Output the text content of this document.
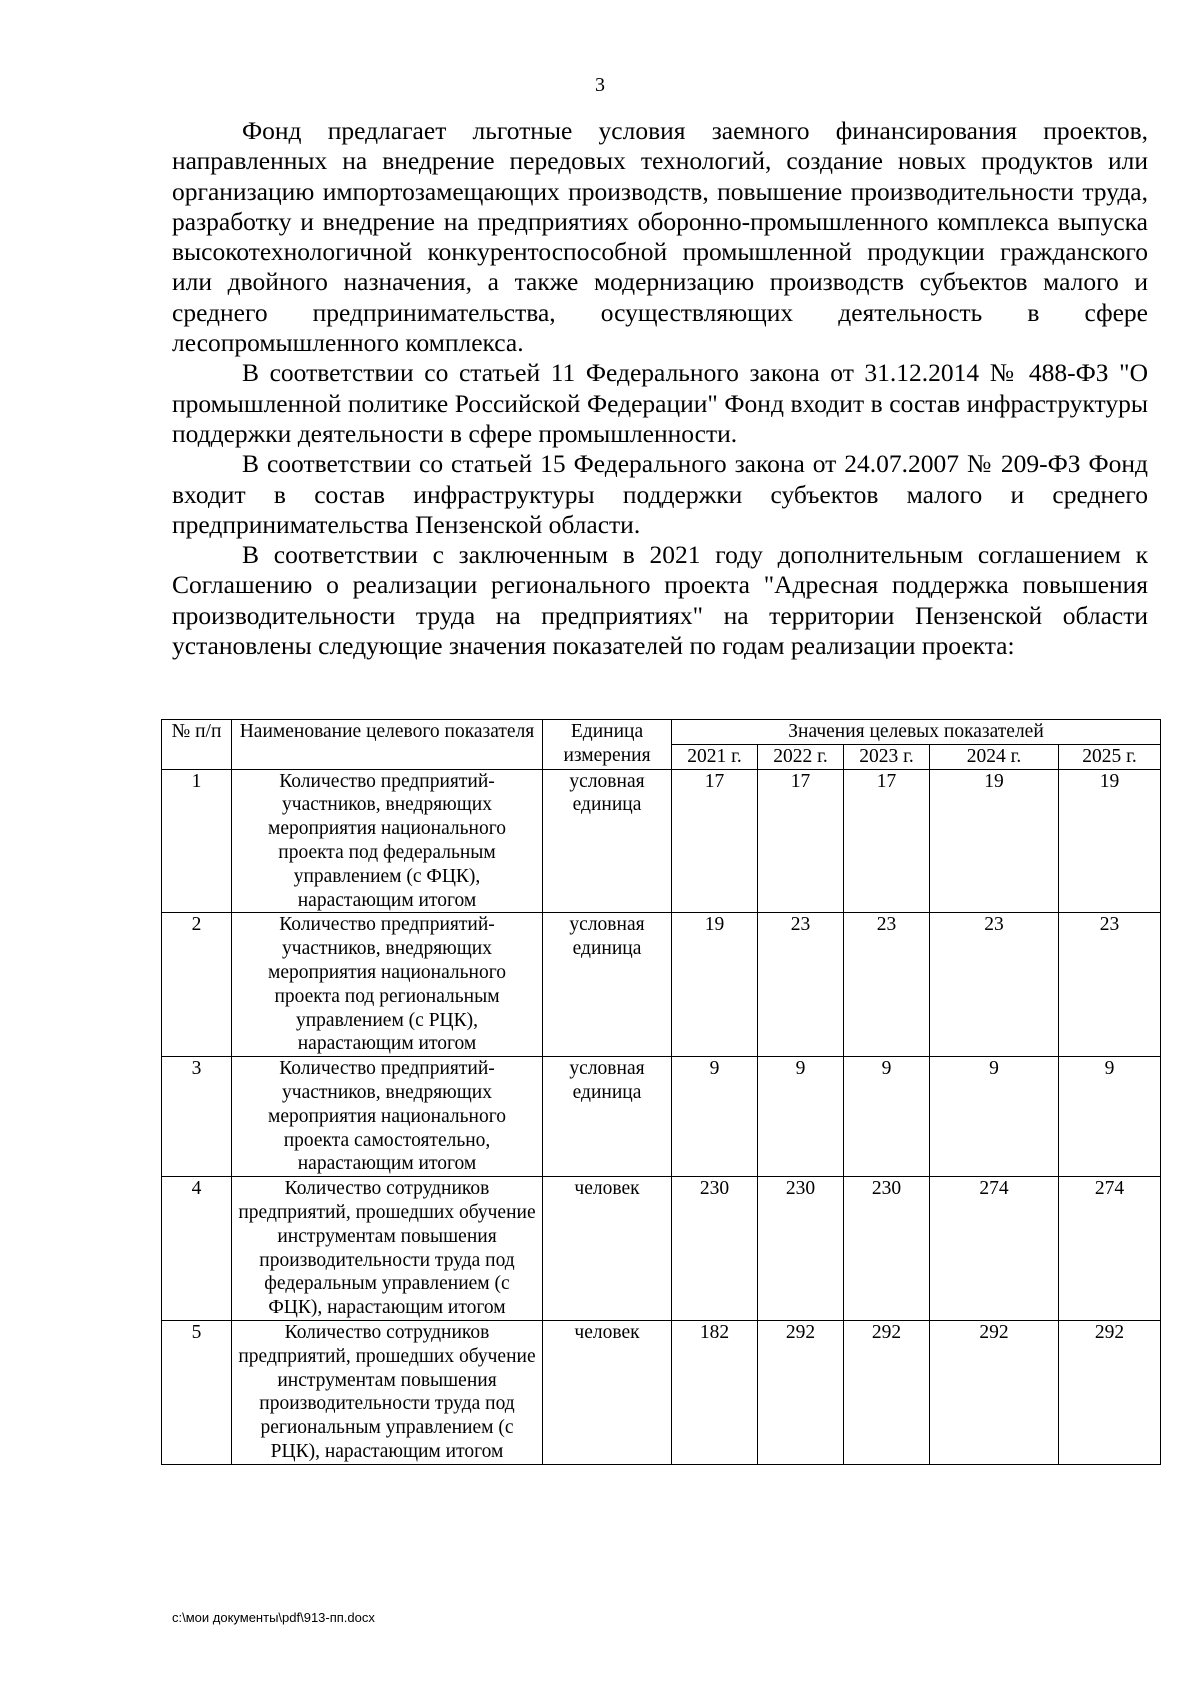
3

Фонд предлагает льготные условия заемного финансирования проектов, направленных на внедрение передовых технологий, создание новых продуктов или организацию импортозамещающих производств, повышение производительности труда, разработку и внедрение на предприятиях оборонно-промышленного комплекса выпуска высокотехнологичной конкурентоспособной промышленной продукции гражданского или двойного назначения, а также модернизацию производств субъектов малого и среднего предпринимательства, осуществляющих деятельность в сфере лесопромышленного комплекса.

В соответствии со статьей 11 Федерального закона от 31.12.2014 № 488-ФЗ "О промышленной политике Российской Федерации" Фонд входит в состав инфраструктуры поддержки деятельности в сфере промышленности.

В соответствии со статьей 15 Федерального закона от 24.07.2007 № 209-ФЗ Фонд входит в состав инфраструктуры поддержки субъектов малого и среднего предпринимательства Пензенской области.

В соответствии с заключенным в 2021 году дополнительным соглашением к Соглашению о реализации регионального проекта "Адресная поддержка повышения производительности труда на предприятиях" на территории Пензенской области установлены следующие значения показателей по годам реализации проекта:

№ п/п	Наименование целевого показателя	Единица измерения	Значения целевых показателей				
			2021 г.	2022 г.	2023 г.	2024 г.	2025 г.
1	Количество предприятий-участников, внедряющих мероприятия национального проекта под федеральным управлением (с ФЦК), нарастающим итогом	условная единица	17	17	17	19	19
2	Количество предприятий-участников, внедряющих мероприятия национального проекта под региональным управлением (с РЦК), нарастающим итогом	условная единица	19	23	23	23	23
3	Количество предприятий-участников, внедряющих мероприятия национального проекта самостоятельно, нарастающим итогом	условная единица	9	9	9	9	9
4	Количество сотрудников предприятий, прошедших обучение инструментам повышения производительности труда под федеральным управлением (с ФЦК), нарастающим итогом	человек	230	230	230	274	274
5	Количество сотрудников предприятий, прошедших обучение инструментам повышения производительности труда под региональным управлением (с РЦК), нарастающим итогом	человек	182	292	292	292	292
c:\мои документы\pdf\913-пп.docx
